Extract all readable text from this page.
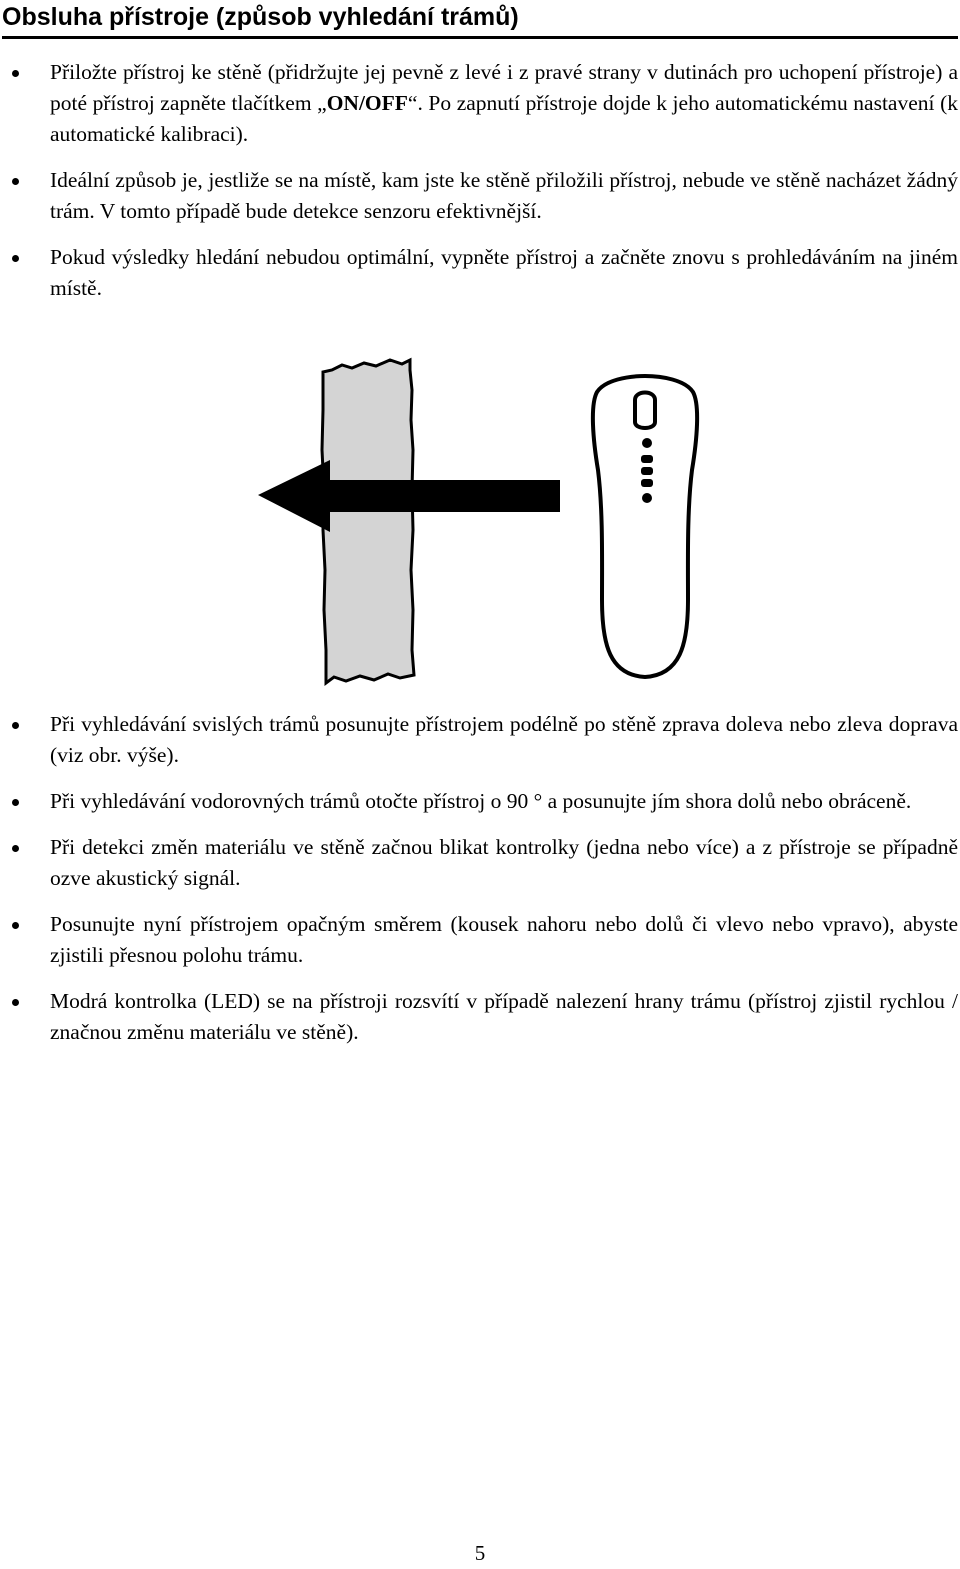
Obsluha přístroje (způsob vyhledání trámů)
Přiložte přístroj ke stěně (přidržujte jej pevně z levé i z pravé strany v dutinách pro uchopení přístroje) a poté přístroj zapněte tlačítkem „ON/OFF“. Po zapnutí přístroje dojde k jeho automatickému nastavení (k automatické kalibraci).
Ideální způsob je, jestliže se na místě, kam jste ke stěně přiložili přístroj, nebude ve stěně nacházet žádný trám. V tomto případě bude detekce senzoru efektivnější.
Pokud výsledky hledání nebudou optimální, vypněte přístroj a začněte znovu s prohledáváním na jiném místě.
Při vyhledávání svislých trámů posunujte přístrojem podélně po stěně zprava doleva nebo zleva doprava (viz obr. výše).
Při vyhledávání vodorovných trámů otočte přístroj o 90 ° a posunujte jím shora dolů nebo obráceně.
Při detekci změn materiálu ve stěně začnou blikat kontrolky (jedna nebo více) a z přístroje se případně ozve akustický signál.
Posunujte nyní přístrojem opačným směrem (kousek nahoru nebo dolů či vlevo nebo vpravo), abyste zjistili přesnou polohu trámu.
Modrá kontrolka (LED) se na přístroji rozsvítí v případě nalezení hrany trámu (přístroj zjistil rychlou / značnou změnu materiálu ve stěně).
5
